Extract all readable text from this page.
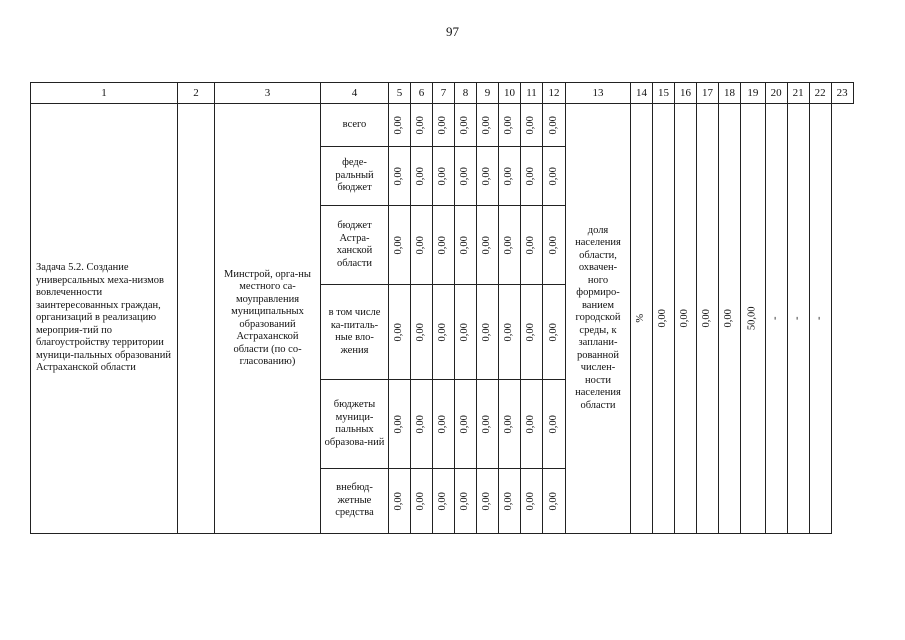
97
1	2	3	4	5	6	7	8	9	10	11	12	13	14	15	16	17	18	19	20	21	22	23
Задача 5.2. Создание универсальных меха-низмов вовлеченности заинтересованных граждан, организаций в реализацию мероприя-тий по благоустройству территории муници-пальных образований Астраханской области		Минстрой, орга-ны местного са-моуправления муниципальных образований Астраханской области (по со-гласованию)	всего	0,00	0,00	0,00	0,00	0,00	0,00	0,00	0,00	доля населения области, охвачен-ного формиро-ванием городской среды, к заплани-рованной числен-ности населения области	%	0,00	0,00	0,00	0,00	50,00	-	-	-	
			феде-ральный бюджет	0,00	0,00	0,00	0,00	0,00	0,00	0,00	0,00											
			бюджет Астра-ханской области	0,00	0,00	0,00	0,00	0,00	0,00	0,00	0,00											
			в том числе ка-питаль-ные вло-жения	0,00	0,00	0,00	0,00	0,00	0,00	0,00	0,00											
			бюджеты муници-пальных образова-ний	0,00	0,00	0,00	0,00	0,00	0,00	0,00	0,00											
			внебюд-жетные средства	0,00	0,00	0,00	0,00	0,00	0,00	0,00	0,00											
